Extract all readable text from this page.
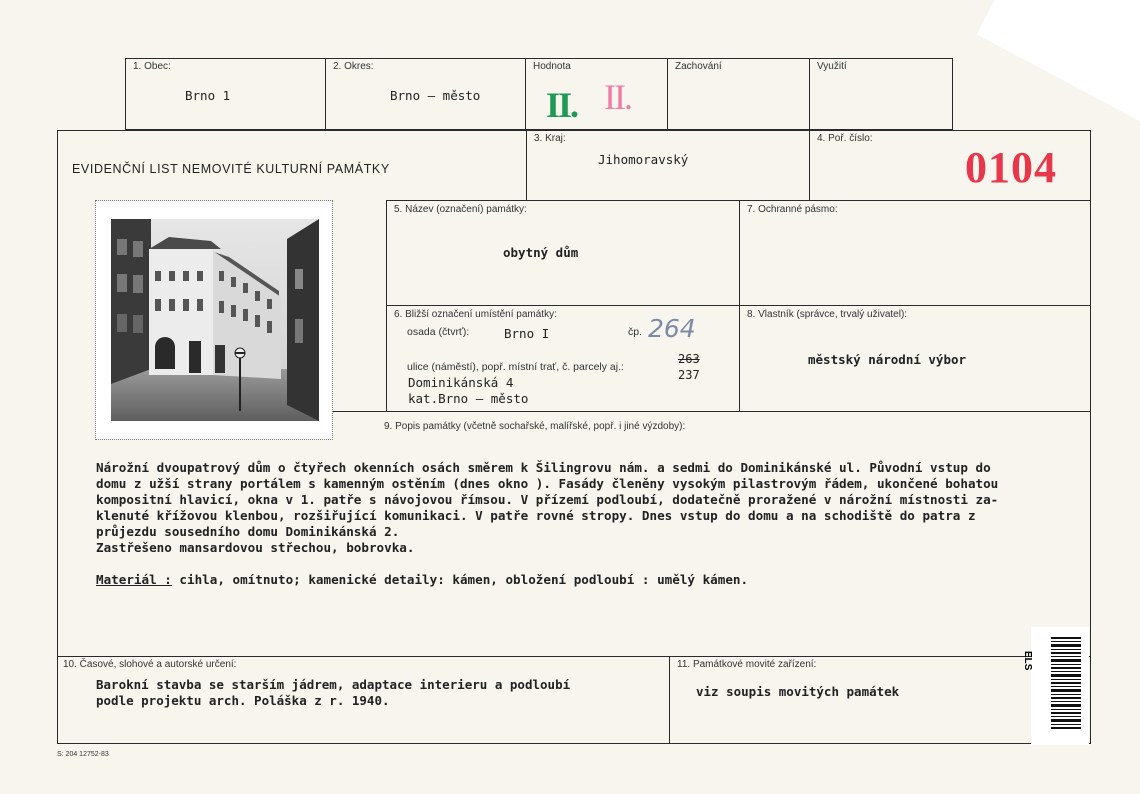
1. Obec:
Brno 1
2. Okres:
Brno – město
Hodnota
II. II.
Zachování	Využití
EVIDENČNÍ LIST NEMOVITÉ KULTURNÍ PAMÁTKY
3. Kraj:
Jihomoravský
4. Poř. číslo:
0104
5. Název (označení) památky:
obytný dům
7. Ochranné pásmo:
6. Bližší označení umístění památky:
osada (čtvrť):	Brno I	čp. 264
ulice (náměstí), popř. místní trať, č. parcely aj.:
263
237
Dominikánská 4
kat.Brno – město
8. Vlastník (správce, trvalý uživatel):
městský národní výbor
9. Popis památky (včetně sochařské, malířské, popř. i jiné výzdoby):
Nárožní dvoupatrový dům o čtyřech okenních osách směrem k Šilingrovu nám. a sedmi do Dominikánské ul. Původní vstup do
domu z užší strany portálem s kamenným ostěním (dnes okno ). Fasády členěny vysokým pilastrovým řádem, ukončené bohatou
kompositní hlavicí, okna v 1. patře s návojovou římsou. V přízemí podloubí, dodatečně proražené v nárožní místnosti za-
klenuté křížovou klenbou, rozšiřující komunikaci. V patře rovné stropy. Dnes vstup do domu a na schodiště do patra z
průjezdu sousedního domu Dominikánská 2.
Zastřešeno mansardovou střechou, bobrovka.
Materiál : cihla, omítnuto; kamenické detaily: kámen, obložení podloubí : umělý kámen.
10. Časové, slohové a autorské určení:
Barokní stavba se starším jádrem, adaptace interieru a podloubí
podle projektu arch. Poláška z r. 1940.
11. Památkové movité zařízení:
viz soupis movitých památek
ELS
S: 204 12752-83
